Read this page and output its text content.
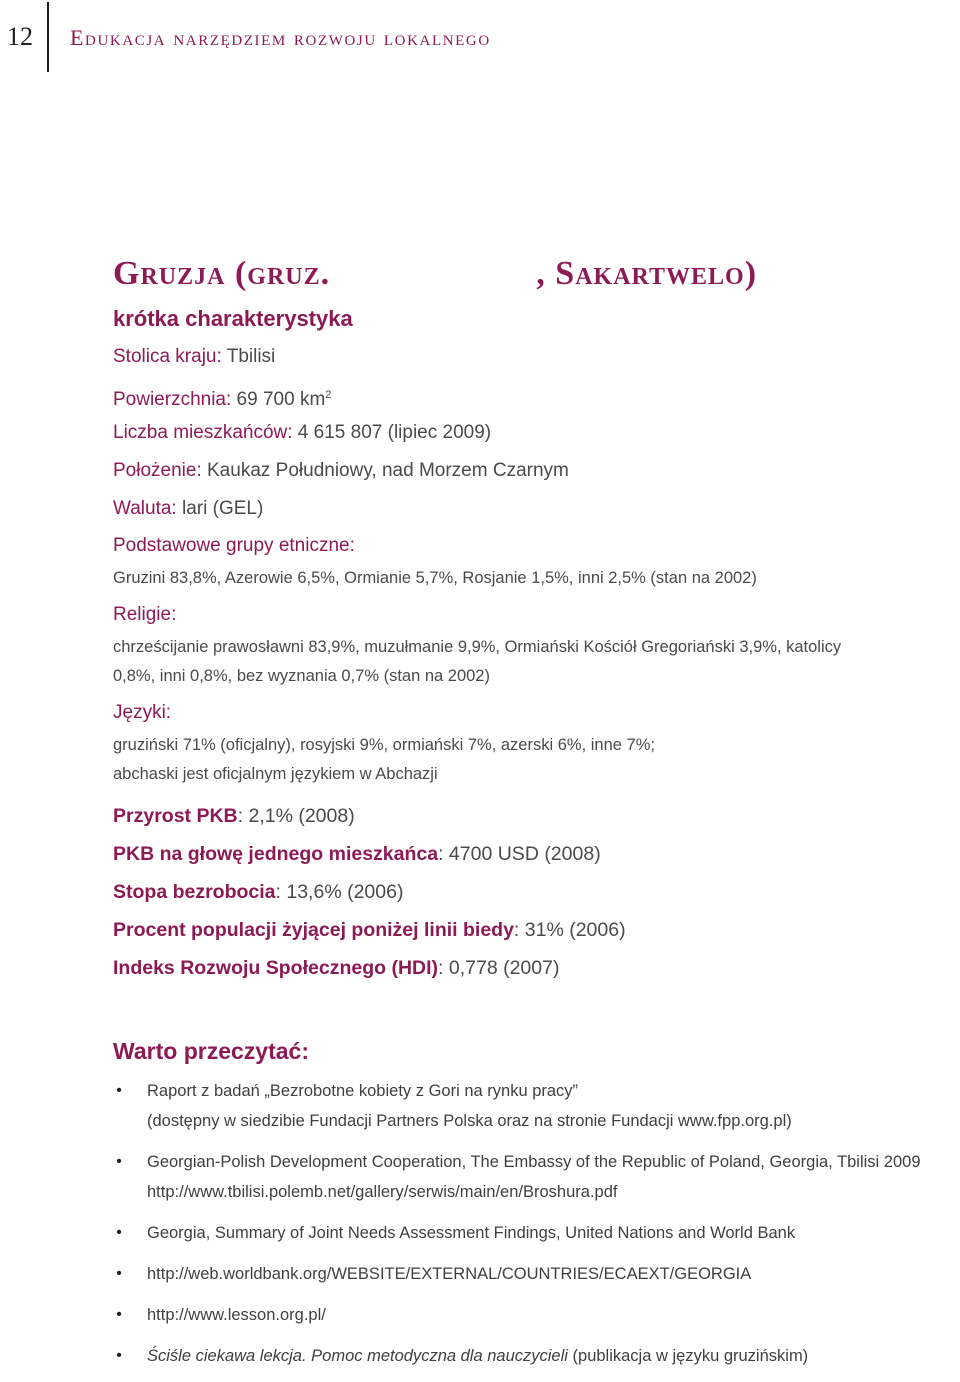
12	Edukacja narzędziem rozwoju lokalnego
Gruzja (gruz. საქართველო, Sakartwelo)
krótka charakterystyka
Stolica kraju: Tbilisi
Powierzchnia: 69 700 $km^2$
Liczba mieszkańców: 4 615 807 (lipiec 2009)
Położenie: Kaukaz Południowy, nad Morzem Czarnym
Waluta: lari (GEL)
Podstawowe grupy etniczne:
Gruzini 83,8%, Azerowie 6,5%, Ormianie 5,7%, Rosjanie 1,5%, inni 2,5% (stan na 2002)
Religie:
chrześcijanie prawosławni 83,9%, muzułmanie 9,9%, Ormiański Kościół Gregoriański 3,9%, katolicy
0,8%, inni 0,8%, bez wyznania 0,7% (stan na 2002)
Języki:
gruziński 71% (oficjalny), rosyjski 9%, ormiański 7%, azerski 6%, inne 7%;
abchaski jest oficjalnym językiem w Abchazji
Przyrost PKB: 2,1% (2008)
PKB na głowę jednego mieszkańca: 4700 USD (2008)
Stopa bezrobocia: 13,6% (2006)
Procent populacji żyjącej poniżej linii biedy: 31% (2006)
Indeks Rozwoju Społecznego (HDI): 0,778 (2007)
Warto przeczytać:
• Raport z badań „Bezrobotne kobiety z Gori na rynku pracy”
(dostępny w siedzibie Fundacji Partners Polska oraz na stronie Fundacji www.fpp.org.pl)
• Georgian-Polish Development Cooperation, The Embassy of the Republic of Poland, Georgia, Tbilisi 2009
http://www.tbilisi.polemb.net/gallery/serwis/main/en/Broshura.pdf
• Georgia, Summary of Joint Needs Assessment Findings, United Nations and World Bank
• http://web.worldbank.org/WEBSITE/EXTERNAL/COUNTRIES/ECAEXT/GEORGIA
• http://www.lesson.org.pl/
• Ściśle ciekawa lekcja. Pomoc metodyczna dla nauczycieli (publikacja w języku gruzińskim)
